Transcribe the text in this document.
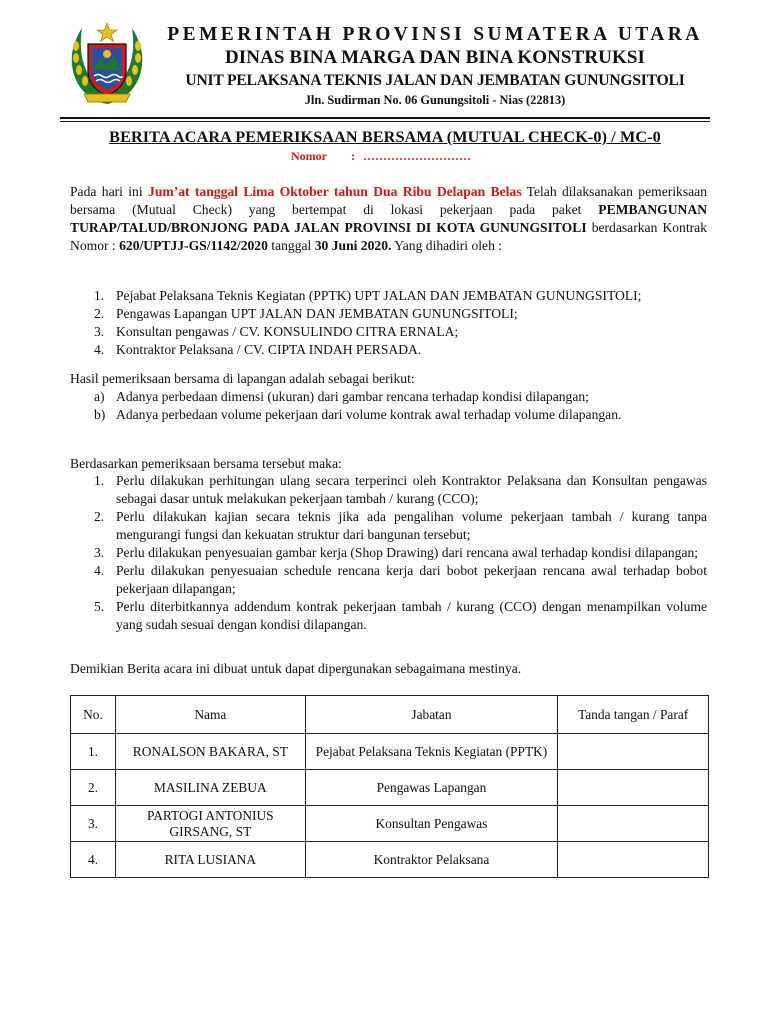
PEMERINTAH PROVINSI SUMATERA UTARA
DINAS BINA MARGA DAN BINA KONSTRUKSI
UNIT PELAKSANA TEKNIS JALAN DAN JEMBATAN GUNUNGSITOLI
Jln. Sudirman No. 06 Gunungsitoli - Nias (22813)
BERITA ACARA PEMERIKSAAN BERSAMA (MUTUAL CHECK-0) / MC-0
Nomor : ………………………
Pada hari ini Jum’at tanggal Lima Oktober tahun Dua Ribu Delapan Belas Telah dilaksanakan pemeriksaan bersama (Mutual Check) yang bertempat di lokasi pekerjaan pada paket PEMBANGUNAN TURAP/TALUD/BRONJONG PADA JALAN PROVINSI DI KOTA GUNUNGSITOLI berdasarkan Kontrak Nomor : 620/UPTJJ-GS/1142/2020 tanggal 30 Juni 2020. Yang dihadiri oleh :
1. Pejabat Pelaksana Teknis Kegiatan (PPTK) UPT JALAN DAN JEMBATAN GUNUNGSITOLI;
2. Pengawas Lapangan UPT JALAN DAN JEMBATAN GUNUNGSITOLI;
3. Konsultan pengawas / CV. KONSULINDO CITRA ERNALA;
4. Kontraktor Pelaksana / CV. CIPTA INDAH PERSADA.
Hasil pemeriksaan bersama di lapangan adalah sebagai berikut:
a) Adanya perbedaan dimensi (ukuran) dari gambar rencana terhadap kondisi dilapangan;
b) Adanya perbedaan volume pekerjaan dari volume kontrak awal terhadap volume dilapangan.
Berdasarkan pemeriksaan bersama tersebut maka:
1. Perlu dilakukan perhitungan ulang secara terperinci oleh Kontraktor Pelaksana dan Konsultan pengawas sebagai dasar untuk melakukan pekerjaan tambah / kurang (CCO);
2. Perlu dilakukan kajian secara teknis jika ada pengalihan volume pekerjaan tambah / kurang tanpa mengurangi fungsi dan kekuatan struktur dari bangunan tersebut;
3. Perlu dilakukan penyesuaian gambar kerja (Shop Drawing) dari rencana awal terhadap kondisi dilapangan;
4. Perlu dilakukan penyesuaian schedule rencana kerja dari bobot pekerjaan rencana awal terhadap bobot pekerjaan dilapangan;
5. Perlu diterbitkannya addendum kontrak pekerjaan tambah / kurang (CCO) dengan menampilkan volume yang sudah sesuai dengan kondisi dilapangan.
Demikian Berita acara ini dibuat untuk dapat dipergunakan sebagaimana mestinya.
No.	Nama	Jabatan	Tanda tangan / Paraf
1.	RONALSON BAKARA, ST	Pejabat Pelaksana Teknis Kegiatan (PPTK)	
2.	MASILINA ZEBUA	Pengawas Lapangan	
3.	PARTOGI ANTONIUS GIRSANG, ST	Konsultan Pengawas	
4.	RITA LUSIANA	Kontraktor Pelaksana	
